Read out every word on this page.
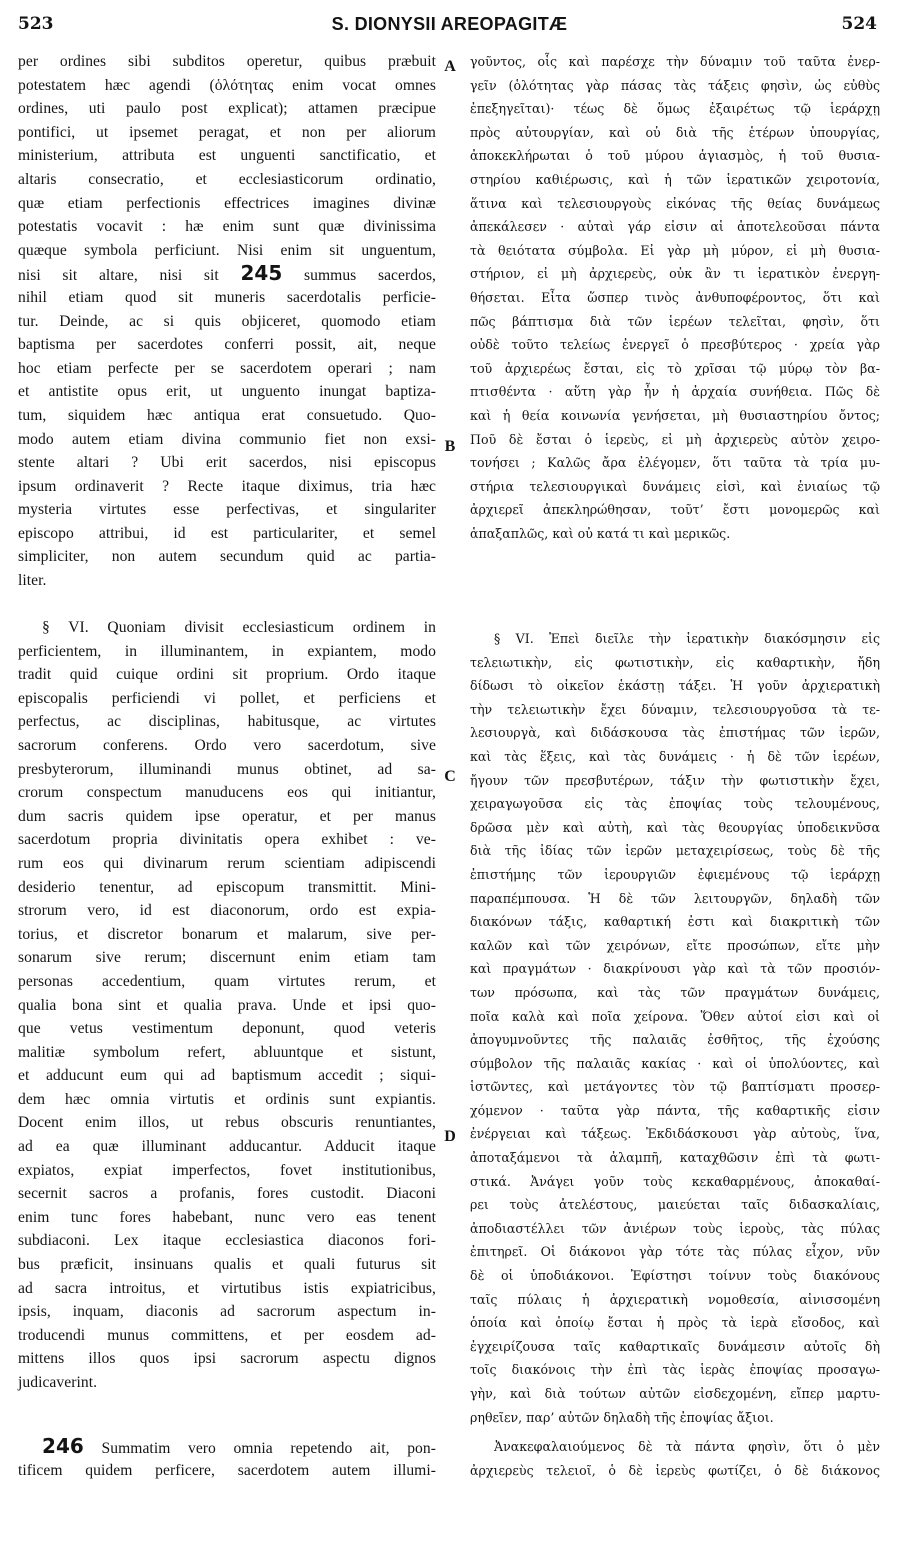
523	S. DIONYSII AREOPAGITÆ	524
per ordines sibi subditos operetur, quibus præbuit
potestatem hæc agendi (ὁλότητας enim vocat omnes
ordines, uti paulo post explicat); attamen præcipue
pontifici, ut ipsemet peragat, et non per aliorum
ministerium, attributa est unguenti sanctificatio, et
altaris consecratio, et ecclesiasticorum ordinatio,
quæ etiam perfectionis effectrices imagines divinæ
potestatis vocavit : hæ enim sunt quæ divinissima
quæque symbola perficiunt. Nisi enim sit unguentum,
nisi sit altare, nisi sit 245 summus sacerdos,
nihil etiam quod sit muneris sacerdotalis perficie-
tur. Deinde, ac si quis objiceret, quomodo etiam
baptisma per sacerdotes conferri possit, ait, neque
hoc etiam perfecte per se sacerdotem operari ; nam
et antistite opus erit, ut unguento inungat baptiza-
tum, siquidem hæc antiqua erat consuetudo. Quo-
modo autem etiam divina communio fiet non exsi-
stente altari ? Ubi erit sacerdos, nisi episcopus
ipsum ordinaverit ? Recte itaque diximus, tria hæc
mysteria virtutes esse perfectivas, et singulariter
episcopo attribui, id est particulariter, et semel
simpliciter, non autem secundum quid ac partia-
liter.
§ VI. Quoniam divisit ecclesiasticum ordinem in
perficientem, in illuminantem, in expiantem, modo
tradit quid cuique ordini sit proprium. Ordo itaque
episcopalis perficiendi vi pollet, et perficiens et
perfectus, ac disciplinas, habitusque, ac virtutes
sacrorum conferens. Ordo vero sacerdotum, sive
presbyterorum, illuminandi munus obtinet, ad sa-
crorum conspectum manuducens eos qui initiantur,
dum sacris quidem ipse operatur, et per manus
sacerdotum propria divinitatis opera exhibet : ve-
rum eos qui divinarum rerum scientiam adipiscendi
desiderio tenentur, ad episcopum transmittit. Mini-
strorum vero, id est diaconorum, ordo est expia-
torius, et discretor bonarum et malarum, sive per-
sonarum sive rerum; discernunt enim etiam tam
personas accedentium, quam virtutes rerum, et
qualia bona sint et qualia prava. Unde et ipsi quo-
que vetus vestimentum deponunt, quod veteris
malitiæ symbolum refert, abluuntque et sistunt,
et adducunt eum qui ad baptismum accedit ; siqui-
dem hæc omnia virtutis et ordinis sunt expiantis.
Docent enim illos, ut rebus obscuris renuntiantes,
ad ea quæ illuminant adducantur. Adducit itaque
expiatos, expiat imperfectos, fovet institutionibus,
secernit sacros a profanis, fores custodit. Diaconi
enim tunc fores habebant, nunc vero eas tenent
subdiaconi. Lex itaque ecclesiastica diaconos fori-
bus præficit, insinuans qualis et quali futurus sit
ad sacra introitus, et virtutibus istis expiatricibus,
ipsis, inquam, diaconis ad sacrorum aspectum in-
troducendi munus committens, et per eosdem ad-
mittens illos quos ipsi sacrorum aspectu dignos
judicaverint.
246 Summatim vero omnia repetendo ait, pon-
tificem quidem perficere, sacerdotem autem illumi-
A
B
C
D
γοῦντος, οἷς καὶ παρέσχε τὴν δύναμιν τοῦ ταῦτα ἐνερ-
γεῖν (ὁλότητας γὰρ πάσας τὰς τάξεις φησὶν, ὡς εὐθὺς
ἐπεξηγεῖται)· τέως δὲ ὅμως ἐξαιρέτως τῷ ἱεράρχῃ
πρὸς αὐτουργίαν, καὶ οὐ διὰ τῆς ἑτέρων ὑπουργίας,
ἀποκεκλήρωται ὁ τοῦ μύρου ἁγιασμὸς, ἡ τοῦ θυσια-
στηρίου καθιέρωσις, καὶ ἡ τῶν ἱερατικῶν χειροτονία,
ἅτινα καὶ τελεσιουργοὺς εἰκόνας τῆς θείας δυνάμεως
ἀπεκάλεσεν · αὐταὶ γάρ εἰσιν αἱ ἀποτελεοῦσαι πάντα
τὰ θειότατα σύμβολα. Εἰ γὰρ μὴ μύρον, εἰ μὴ θυσια-
στήριον, εἰ μὴ ἀρχιερεὺς, οὐκ ἂν τι ἱερατικὸν ἐνεργη-
θήσεται. Εἶτα ὥσπερ τινὸς ἀνθυποφέροντος, ὅτι καὶ
πῶς βάπτισμα διὰ τῶν ἱερέων τελεῖται, φησὶν, ὅτι
οὐδὲ τοῦτο τελείως ἐνεργεῖ ὁ πρεσβύτερος · χρεία γὰρ
τοῦ ἀρχιερέως ἔσται, εἰς τὸ χρῖσαι τῷ μύρῳ τὸν βα-
πτισθέντα · αὕτη γὰρ ἦν ἡ ἀρχαία συνήθεια. Πῶς δὲ
καὶ ἡ θεία κοινωνία γενήσεται, μὴ θυσιαστηρίου ὄντος;
Ποῦ δὲ ἔσται ὁ ἱερεὺς, εἰ μὴ ἀρχιερεὺς αὐτὸν χειρο-
τονήσει ; Καλῶς ἄρα ἐλέγομεν, ὅτι ταῦτα τὰ τρία μυ-
στήρια τελεσιουργικαὶ δυνάμεις εἰσὶ, καὶ ἑνιαίως τῷ
ἀρχιερεῖ ἀπεκληρώθησαν, τοῦτ’ ἔστι μονομερῶς καὶ
ἁπαξαπλῶς, καὶ οὐ κατά τι καὶ μερικῶς.
§ VI. Ἐπεὶ διεῖλε τὴν ἱερατικὴν διακόσμησιν εἰς
τελειωτικὴν, εἰς φωτιστικὴν, εἰς καθαρτικὴν, ἤδη
δίδωσι τὸ οἰκεῖον ἑκάστῃ τάξει. Ἡ γοῦν ἀρχιερατικὴ
τὴν τελειωτικὴν ἔχει δύναμιν, τελεσιουργοῦσα τὰ τε-
λεσιουργὰ, καὶ διδάσκουσα τὰς ἐπιστήμας τῶν ἱερῶν,
καὶ τὰς ἕξεις, καὶ τὰς δυνάμεις · ἡ δὲ τῶν ἱερέων,
ἤγουν τῶν πρεσβυτέρων, τάξιν τὴν φωτιστικὴν ἔχει,
χειραγωγοῦσα εἰς τὰς ἐποψίας τοὺς τελουμένους,
δρῶσα μὲν καὶ αὐτὴ, καὶ τὰς θεουργίας ὑποδεικνῦσα
διὰ τῆς ἰδίας τῶν ἱερῶν μεταχειρίσεως, τοὺς δὲ τῆς
ἐπιστήμης τῶν ἱερουργιῶν ἐφιεμένους τῷ ἱεράρχῃ
παραπέμπουσα. Ἡ δὲ τῶν λειτουργῶν, δηλαδὴ τῶν
διακόνων τάξις, καθαρτική ἐστι καὶ διακριτικὴ τῶν
καλῶν καὶ τῶν χειρόνων, εἴτε προσώπων, εἴτε μὴν
καὶ πραγμάτων · διακρίνουσι γὰρ καὶ τὰ τῶν προσιόν-
των πρόσωπα, καὶ τὰς τῶν πραγμάτων δυνάμεις,
ποῖα καλὰ καὶ ποῖα χείρονα. Ὅθεν αὐτοί εἰσι καὶ οἱ
ἀπογυμνοῦντες τῆς παλαιᾶς ἐσθῆτος, τῆς ἐχούσης
σύμβολον τῆς παλαιᾶς κακίας · καὶ οἱ ὑπολύοντες, καὶ
ἱστῶντες, καὶ μετάγοντες τὸν τῷ βαπτίσματι προσερ-
χόμενον · ταῦτα γὰρ πάντα, τῆς καθαρτικῆς εἰσιν
ἐνέργειαι καὶ τάξεως. Ἐκδιδάσκουσι γὰρ αὐτοὺς, ἵνα,
ἀποταξάμενοι τὰ ἀλαμπῆ, καταχθῶσιν ἐπὶ τὰ φωτι-
στικά. Ἀνάγει γοῦν τοὺς κεκαθαρμένους, ἀποκαθαί-
ρει τοὺς ἀτελέστους, μαιεύεται ταῖς διδασκαλίαις,
ἀποδιαστέλλει τῶν ἀνιέρων τοὺς ἱεροὺς, τὰς πύλας
ἐπιτηρεῖ. Οἱ διάκονοι γὰρ τότε τὰς πύλας εἶχον, νῦν
δὲ οἱ ὑποδιάκονοι. Ἐφίστησι τοίνυν τοὺς διακόνους
ταῖς πύλαις ἡ ἀρχιερατικὴ νομοθεσία, αἰνισσομένη
ὁποία καὶ ὁποίῳ ἔσται ἡ πρὸς τὰ ἱερὰ εἴσοδος, καὶ
ἐγχειρίζουσα ταῖς καθαρτικαῖς δυνάμεσιν αὐτοῖς δὴ
τοῖς διακόνοις τὴν ἐπὶ τὰς ἱερὰς ἐποψίας προσαγω-
γὴν, καὶ διὰ τούτων αὐτῶν εἰσδεχομένη, εἴπερ μαρτυ-
ρηθεῖεν, παρ’ αὐτῶν δηλαδὴ τῆς ἐποψίας ἄξιοι.
Ἀνακεφαλαιούμενος δὲ τὰ πάντα φησὶν, ὅτι ὁ μὲν
ἀρχιερεὺς τελειοῖ, ὁ δὲ ἱερεὺς φωτίζει, ὁ δὲ διάκονος
